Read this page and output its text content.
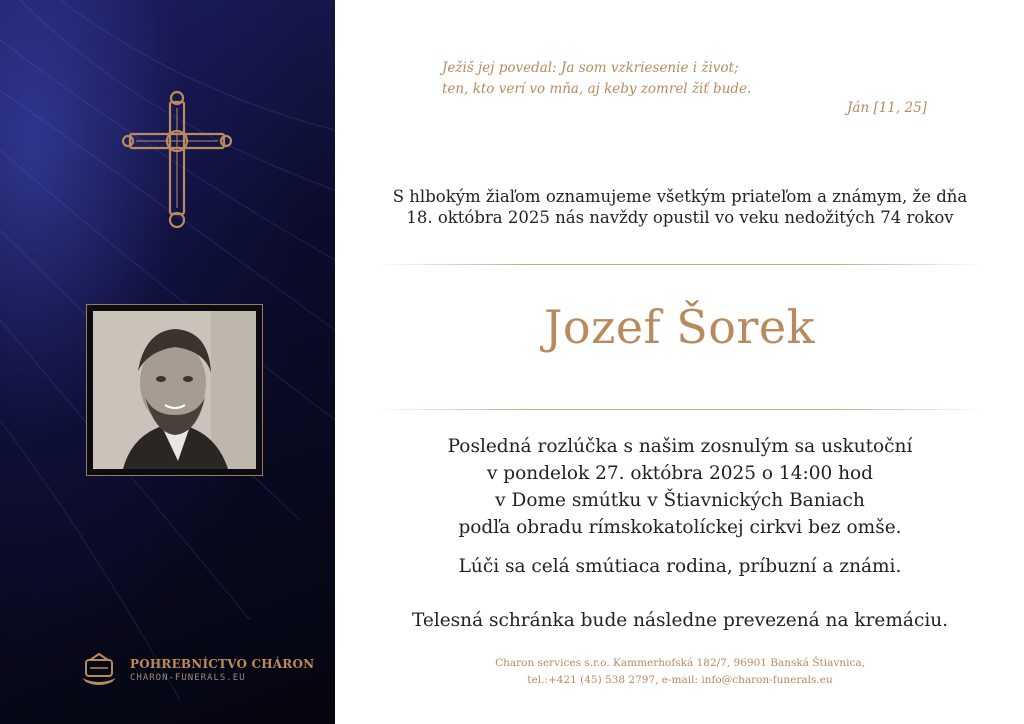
POHREBNÍCTVO CHÁRON
CHARON-FUNERALS.EU
Ježiš jej povedal: Ja som vzkriesenie i život;
ten, kto verí vo mňa, aj keby zomrel žiť bude.
Ján [11, 25]
S hlbokým žiaľom oznamujeme všetkým priateľom a známym, že dňa
18. októbra 2025 nás navždy opustil vo veku nedožitých 74 rokov
Jozef Šorek
Posledná rozlúčka s našim zosnulým sa uskutoční
v pondelok 27. októbra 2025 o 14:00 hod
v Dome smútku v Štiavnických Baniach
podľa obradu rímskokatolíckej cirkvi bez omše.
Lúči sa celá smútiaca rodina, príbuzní a známi.
Telesná schránka bude následne prevezená na kremáciu.
Charon services s.r.o. Kammerhofská 182/7, 96901 Banská Štiavnica,
tel.:+421 (45) 538 2797, e-mail: info@charon-funerals.eu
